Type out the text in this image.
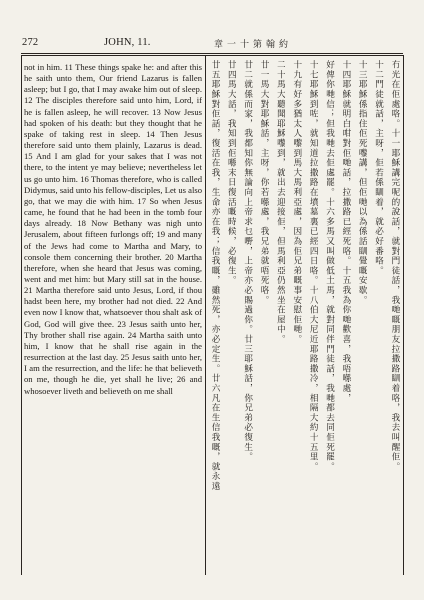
272	JOHN, 11.	章一十第翰約

not in him. 11 These things spake he: and after this he saith unto them, Our friend Lazarus is fallen asleep; but I go, that I may awake him out of sleep. 12 The disciples therefore said unto him, Lord, if he is fallen asleep, he will recover. 13 Now Jesus had spoken of his death: but they thought that he spake of taking rest in sleep. 14 Then Jesus therefore said unto them plainly, Lazarus is dead. 15 And I am glad for your sakes that I was not there, to the intent ye may believe; nevertheless let us go unto him. 16 Thomas therefore, who is called Didymus, said unto his fellow-disciples, Let us also go, that we may die with him. 17 So when Jesus came, he found that he had been in the tomb four days already. 18 Now Bethany was nigh unto Jerusalem, about fifteen furlongs off; 19 and many of the Jews had come to Martha and Mary, to console them concerning their brother. 20 Martha therefore, when she heard that Jesus was coming, went and met him: but Mary still sat in the house. 21 Martha therefore said unto Jesus, Lord, if thou hadst been here, my brother had not died. 22 And even now I know that, whatsoever thou shalt ask of God, God will give thee. 23 Jesus saith unto her, Thy brother shall rise again. 24 Martha saith unto him, I know that he shall rise again in the resurrection at the last day. 25 Jesus saith unto her, I am the resurrection, and the life: he that believeth on me, though he die, yet shall he live; 26 and whosoever liveth and believeth on me shall	冇光在佢處咯。十一耶穌講完呢的說話，就對門徒話，我哋嘅朋友拉撒路瞓着咯，我去叫醒佢。
十二門徒就話，主呀，佢若係瞓着，就必好番咯。
十三耶穌係指住佢死嚟講，但佢哋以為係話瞓覺嘅安歇。
十四耶穌就明白咁對佢哋話，拉撒路已經死咯。十五我為你哋歡喜，我唔喺處，
好俾你哋信；但我哋去佢處罷。十六多馬又叫做低土馬，就對同伴門徒話，我哋都去同佢死罷。
十七耶穌到咗，就知道拉撒路在墳墓裏已經四日咯。十八伯大尼近耶路撒冷，相隔大約十五里。
十九有好多猶太人嚟到馬大馬利亞處，因為佢兄弟嘅事安慰佢哋。
二十馬大聽聞耶穌嚟到，就出去迎接佢，但馬利亞仍然坐在屋中。
廿一馬大對耶穌話，主呀，你若喺處，我兄弟就唔死咯。
廿二就係而家，我都知你無論向上帝求乜嘢，上帝亦必賜過你。廿三耶穌話，你兄弟必復生。
廿四馬大話，我知到佢喺末日復活嘅時候，必復生。
廿五耶穌對佢話，復活在我，生命亦在我；信我嘅，雖然死，亦必定生。廿六凡在生信我嘅，就永遠
